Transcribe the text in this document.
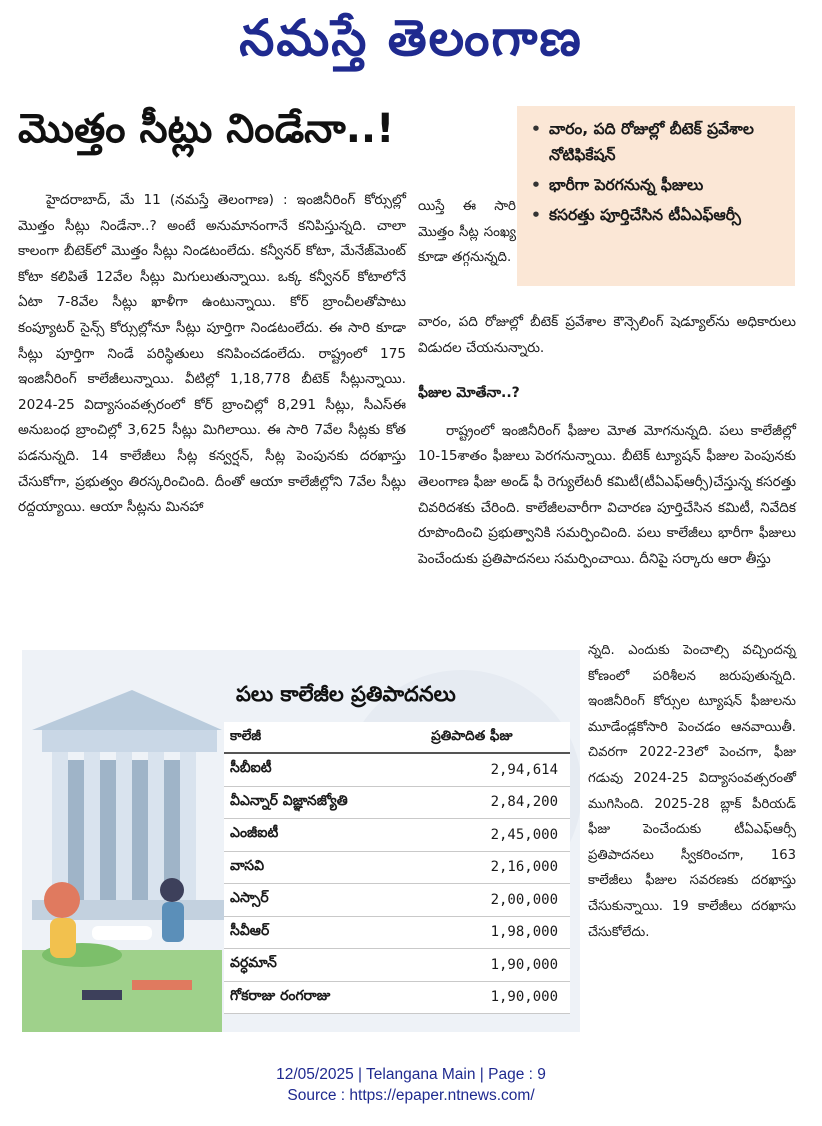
నమస్తే తెలంగాణ
మొత్తం సీట్లు నిండేనా..!	• వారం, పది రోజుల్లో బీటెక్ ప్రవేశాల నోటిఫికేషన్
• భారీగా పెరగనున్న ఫీజులు
• కసరత్తు పూర్తిచేసిన టీఏఎఫ్ఆర్సీ

హైదరాబాద్, మే 11 (నమస్తే తెలంగాణ) : ఇంజినీరింగ్ కోర్సుల్లో మొత్తం సీట్లు నిండేనా..? అంటే అనుమానంగానే కనిపిస్తున్నది. చాలా కాలంగా బీటెక్‌లో మొత్తం సీట్లు నిండటంలేదు. కన్వీనర్ కోటా, మేనేజ్‌మెంట్ కోటా కలిపితే 12వేల సీట్లు మిగులుతున్నాయి. ఒక్క కన్వీనర్ కోటాలోనే ఏటా 7-8వేల సీట్లు ఖాళీగా ఉంటున్నాయి. కోర్ బ్రాంచీలతోపాటు కంప్యూటర్ సైన్స్ కోర్సుల్లోనూ సీట్లు పూర్తిగా నిండటంలేదు. ఈ సారి కూడా సీట్లు పూర్తిగా నిండే పరిస్థితులు కనిపించడంలేదు. రాష్ట్రంలో 175 ఇంజినీరింగ్ కాలేజీలున్నాయి. వీటిల్లో 1,18,778 బీటెక్ సీట్లున్నాయి. 2024-25 విద్యాసంవత్సరంలో కోర్ బ్రాంచిల్లో 8,291 సీట్లు, సీఎస్ఈ అనుబంధ బ్రాంచిల్లో 3,625 సీట్లు మిగిలాయి. ఈ సారి 7వేల సీట్లకు కోత పడనున్నది. 14 కాలేజీలు సీట్ల కన్వర్షన్, సీట్ల పెంపునకు దరఖాస్తు చేసుకోగా, ప్రభుత్వం తిరస్కరించింది. దీంతో ఆయా కాలేజీల్లోని 7వేల సీట్లు రద్దయ్యాయి. ఆయా సీట్లను మినహా

యిస్తే ఈ సారి మొత్తం సీట్ల సంఖ్య కూడా తగ్గనున్నది.

వారం, పది రోజుల్లో బీటెక్ ప్రవేశాల కౌన్సెలింగ్ షెడ్యూల్‌ను అధికారులు విడుదల చేయనున్నారు.

ఫీజుల మోతేనా..?

రాష్ట్రంలో ఇంజినీరింగ్ ఫీజుల మోత మోగనున్నది. పలు కాలేజీల్లో 10-15శాతం ఫీజులు పెరగనున్నాయి. బీటెక్ ట్యూషన్ ఫీజుల పెంపునకు తెలంగాణ ఫీజు అండ్ ఫీ రెగ్యులేటరీ కమిటీ(టీఏఎఫ్ఆర్సీ)చేస్తున్న కసరత్తు చివరిదశకు చేరింది. కాలేజీలవారీగా విచారణ పూర్తిచేసిన కమిటీ, నివేదిక రూపొందించి ప్రభుత్వానికి సమర్పించింది. పలు కాలేజీలు భారీగా ఫీజులు పెంచేందుకు ప్రతిపాదనలు సమర్పించాయి. దీనిపై సర్కారు ఆరా తీస్తు

న్నది. ఎందుకు పెంచాల్సి వచ్చిందన్న కోణంలో పరిశీలన జరుపుతున్నది. ఇంజినీరింగ్ కోర్సుల ట్యూషన్ ఫీజులను మూడేండ్లకోసారి పెంచడం ఆనవాయితీ. చివరగా 2022-23లో పెంచగా, ఫీజు గడువు 2024-25 విద్యాసంవత్సరంతో ముగిసింది. 2025-28 బ్లాక్ పీరియడ్ ఫీజు పెంచేందుకు టీఏఎఫ్ఆర్సీ ప్రతిపాదనలు స్వీకరించగా, 163 కాలేజీలు ఫీజుల సవరణకు దరఖాస్తు చేసుకున్నాయి. 19 కాలేజీలు దరఖాసు చేసుకోలేదు.

పలు కాలేజీల ప్రతిపాదనలు
కాలేజీ	ప్రతిపాదిత ఫీజు
సీబీఐటీ	2,94,614
వీఎన్నార్ విజ్ఞానజ్యోతి	2,84,200
ఎంజీఐటీ	2,45,000
వాసవి	2,16,000
ఎస్సార్	2,00,000
సీవీఆర్	1,98,000
వర్ధమాన్	1,90,000
గోకరాజు రంగరాజు	1,90,000
12/05/2025 | Telangana Main | Page : 9
Source : https://epaper.ntnews.com/
